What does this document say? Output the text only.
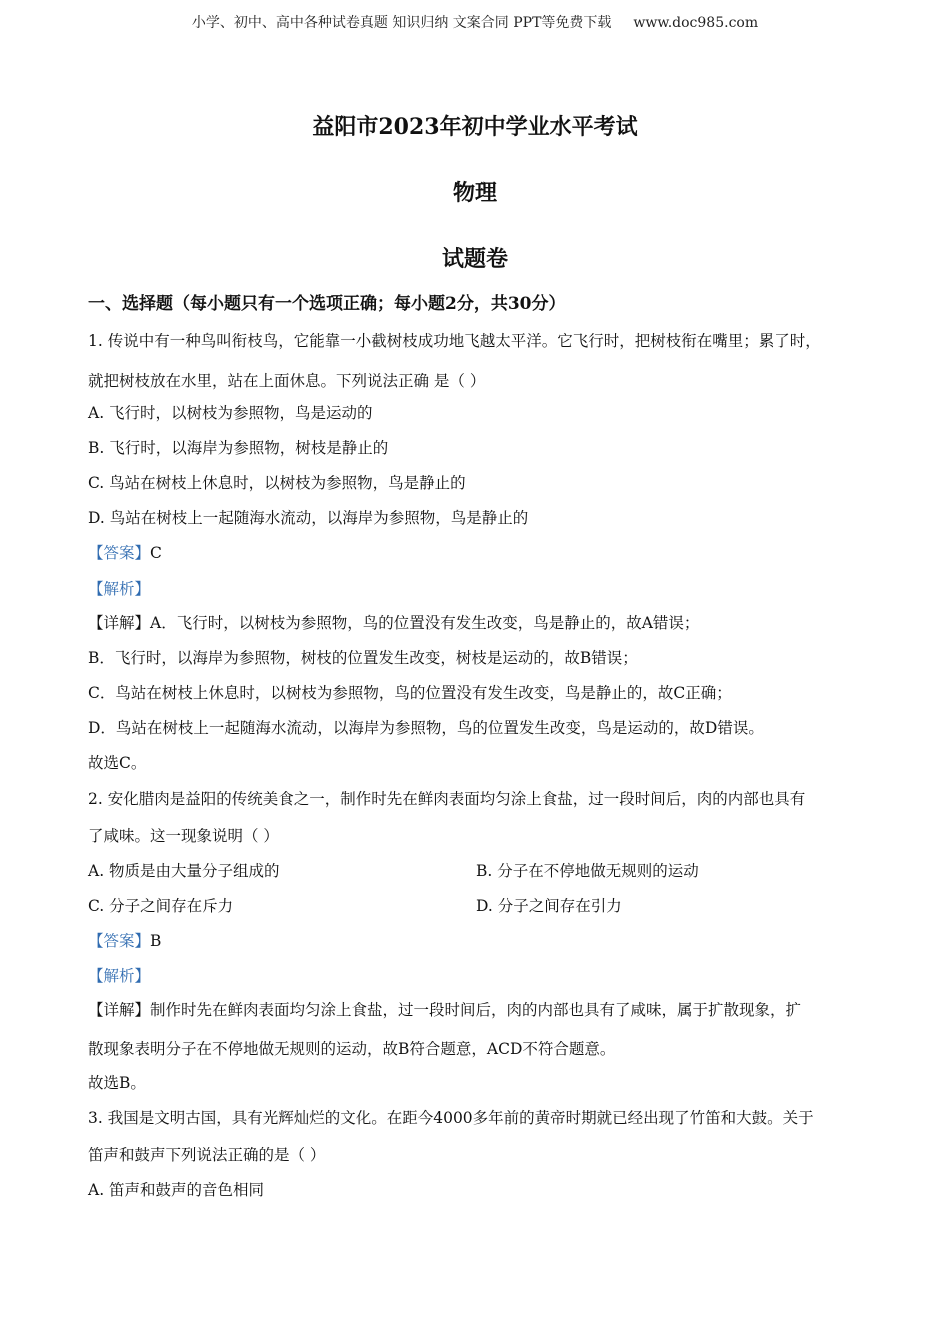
小学、初中、高中各种试卷真题 知识归纳 文案合同 PPT等免费下载 www.doc985.com
益阳市2023年初中学业水平考试
物理
试题卷
一、选择题（每小题只有一个选项正确；每小题2分，共30分）
1. 传说中有一种鸟叫衔枝鸟，它能靠一小截树枝成功地飞越太平洋。它飞行时，把树枝衔在嘴里；累了时，
就把树枝放在水里，站在上面休息。下列说法正确 是（ ）
A. 飞行时，以树枝为参照物，鸟是运动的
B. 飞行时，以海岸为参照物，树枝是静止的
C. 鸟站在树枝上休息时，以树枝为参照物，鸟是静止的
D. 鸟站在树枝上一起随海水流动，以海岸为参照物，鸟是静止的
【答案】C
【解析】
【详解】A．飞行时，以树枝为参照物，鸟的位置没有发生改变，鸟是静止的，故A错误；
B．飞行时，以海岸为参照物，树枝的位置发生改变，树枝是运动的，故B错误；
C．鸟站在树枝上休息时，以树枝为参照物，鸟的位置没有发生改变，鸟是静止的，故C正确；
D．鸟站在树枝上一起随海水流动，以海岸为参照物，鸟的位置发生改变，鸟是运动的，故D错误。
故选C。
2. 安化腊肉是益阳的传统美食之一，制作时先在鲜肉表面均匀涂上食盐，过一段时间后，肉的内部也具有
了咸味。这一现象说明（ ）
A. 物质是由大量分子组成的	B. 分子在不停地做无规则的运动
C. 分子之间存在斥力	D. 分子之间存在引力
【答案】B
【解析】
【详解】制作时先在鲜肉表面均匀涂上食盐，过一段时间后，肉的内部也具有了咸味，属于扩散现象，扩
散现象表明分子在不停地做无规则的运动，故B符合题意，ACD不符合题意。
故选B。
3. 我国是文明古国，具有光辉灿烂的文化。在距今4000多年前的黄帝时期就已经出现了竹笛和大鼓。关于
笛声和鼓声下列说法正确的是（ ）
A. 笛声和鼓声的音色相同
